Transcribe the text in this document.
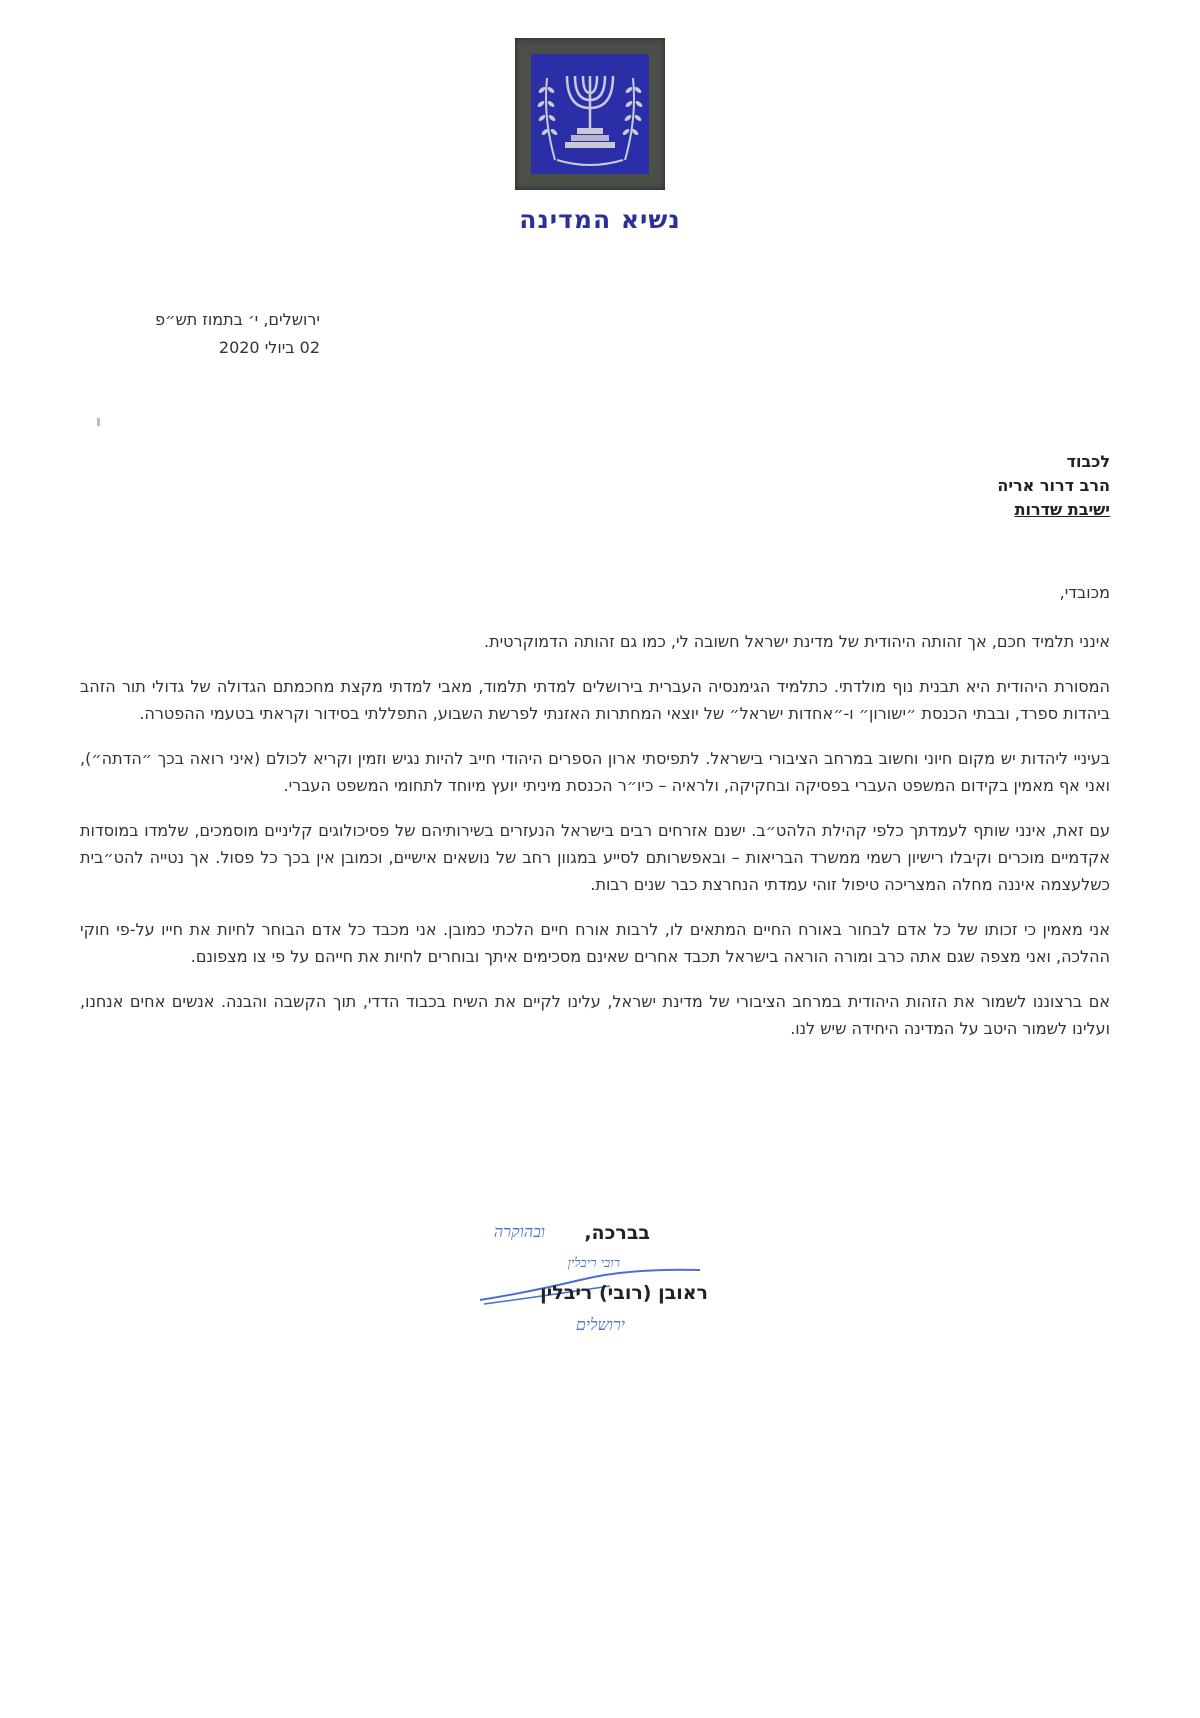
נשיא המדינה
ירושלים, י׳ בתמוז תש״פ
02 ביולי 2020
לכבוד
הרב דרור אריה
ישיבת שדרות
מכובדי,

אינני תלמיד חכם, אך זהותה היהודית של מדינת ישראל חשובה לי, כמו גם זהותה הדמוקרטית.

המסורת היהודית היא תבנית נוף מולדתי. כתלמיד הגימנסיה העברית בירושלים למדתי תלמוד, מאבי למדתי מקצת מחכמתם הגדולה של גדולי תור הזהב ביהדות ספרד, ובבתי הכנסת ״ישורון״ ו-״אחדות ישראל״ של יוצאי המחתרות האזנתי לפרשת השבוע, התפללתי בסידור וקראתי בטעמי ההפטרה.

בעיניי ליהדות יש מקום חיוני וחשוב במרחב הציבורי בישראל. לתפיסתי ארון הספרים היהודי חייב להיות נגיש וזמין וקריא לכולם (איני רואה בכך ״הדתה״), ואני אף מאמין בקידום המשפט העברי בפסיקה ובחקיקה, ולראיה – כיו״ר הכנסת מיניתי יועץ מיוחד לתחומי המשפט העברי.

עם זאת, אינני שותף לעמדתך כלפי קהילת הלהט״ב. ישנם אזרחים רבים בישראל הנעזרים בשירותיהם של פסיכולוגים קליניים מוסמכים, שלמדו במוסדות אקדמיים מוכרים וקיבלו רישיון רשמי ממשרד הבריאות – ובאפשרותם לסייע במגוון רחב של נושאים אישיים, וכמובן אין בכך כל פסול. אך נטייה להט״בית כשלעצמה איננה מחלה המצריכה טיפול זוהי עמדתי הנחרצת כבר שנים רבות.

אני מאמין כי זכותו של כל אדם לבחור באורח החיים המתאים לו, לרבות אורח חיים הלכתי כמובן. אני מכבד כל אדם הבוחר לחיות את חייו על-פי חוקי ההלכה, ואני מצפה שגם אתה כרב ומורה הוראה בישראל תכבד אחרים שאינם מסכימים איתך ובוחרים לחיות את חייהם על פי צו מצפונם.

אם ברצוננו לשמור את הזהות היהודית במרחב הציבורי של מדינת ישראל, עלינו לקיים את השיח בכבוד הדדי, תוך הקשבה והבנה. אנשים אחים אנחנו, ועלינו לשמור היטב על המדינה היחידה שיש לנו.

ובהוקרה בברכה,
רובי ריבלין
ראובן (רובי) ריבלין
ירושלים
